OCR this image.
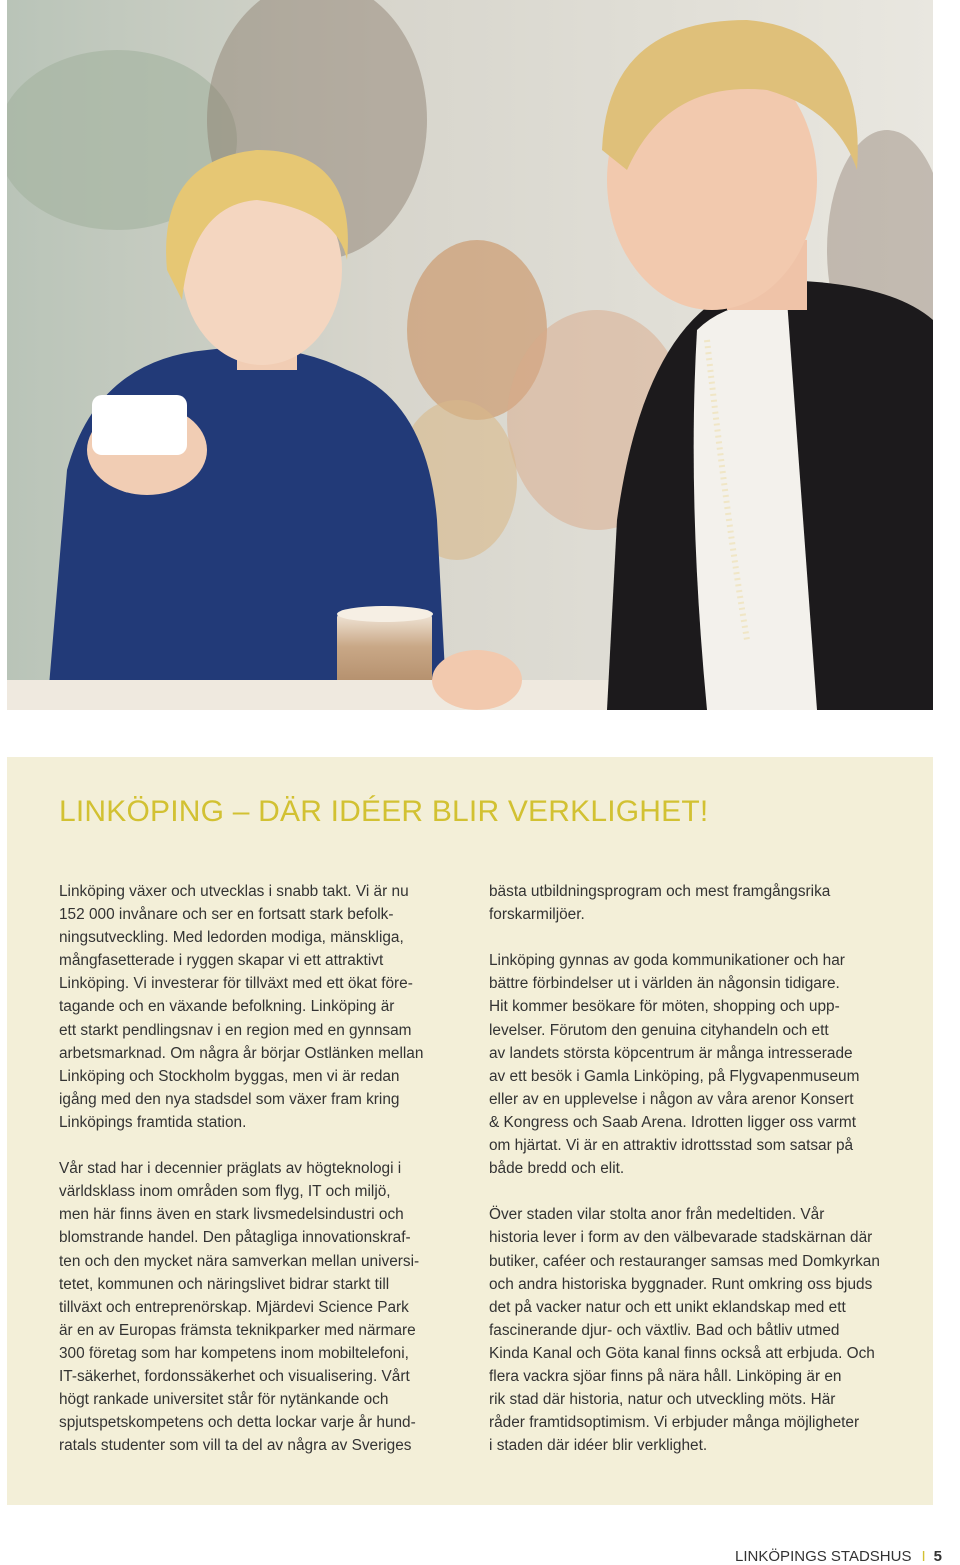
LINKÖPING – DÄR IDÉER BLIR VERKLIGHET!

Linköping växer och utvecklas i snabb takt. Vi är nu
152 000 invånare och ser en fortsatt stark befolk-
ningsutveckling. Med ledorden modiga, mänskliga,
mångfasetterade i ryggen skapar vi ett attraktivt
Linköping. Vi investerar för tillväxt med ett ökat före-
tagande och en växande befolkning. Linköping är
ett starkt pendlingsnav i en region med en gynnsam
arbetsmarknad. Om några år börjar Ostlänken mellan
Linköping och Stockholm byggas, men vi är redan
igång med den nya stadsdel som växer fram kring
Linköpings framtida station.

Vår stad har i decennier präglats av högteknologi i
världsklass inom områden som flyg, IT och miljö,
men här finns även en stark livsmedelsindustri och
blomstrande handel. Den påtagliga innovationskraf-
ten och den mycket nära samverkan mellan universi-
tetet, kommunen och näringslivet bidrar starkt till
tillväxt och entreprenörskap. Mjärdevi Science Park
är en av Europas främsta teknikparker med närmare
300 företag som har kompetens inom mobiltelefoni,
IT-säkerhet, fordonssäkerhet och visualisering. Vårt
högt rankade universitet står för nytänkande och
spjutspetskompetens och detta lockar varje år hund-
ratals studenter som vill ta del av några av Sveriges

bästa utbildningsprogram och mest framgångsrika
forskarmiljöer.

Linköping gynnas av goda kommunikationer och har
bättre förbindelser ut i världen än någonsin tidigare.
Hit kommer besökare för möten, shopping och upp-
levelser. Förutom den genuina cityhandeln och ett
av landets största köpcentrum är många intresserade
av ett besök i Gamla Linköping, på Flygvapenmuseum
eller av en upplevelse i någon av våra arenor Konsert
& Kongress och Saab Arena. Idrotten ligger oss varmt
om hjärtat. Vi är en attraktiv idrottsstad som satsar på
både bredd och elit.

Över staden vilar stolta anor från medeltiden. Vår
historia lever i form av den välbevarade stadskärnan där
butiker, caféer och restauranger samsas med Domkyrkan
och andra historiska byggnader. Runt omkring oss bjuds
det på vacker natur och ett unikt eklandskap med ett
fascinerande djur- och växtliv. Bad och båtliv utmed
Kinda Kanal och Göta kanal finns också att erbjuda. Och
flera vackra sjöar finns på nära håll. Linköping är en
rik stad där historia, natur och utveckling möts. Här
råder framtidsoptimism. Vi erbjuder många möjligheter
i staden där idéer blir verklighet.

LINKÖPINGS STADSHUS I 5
